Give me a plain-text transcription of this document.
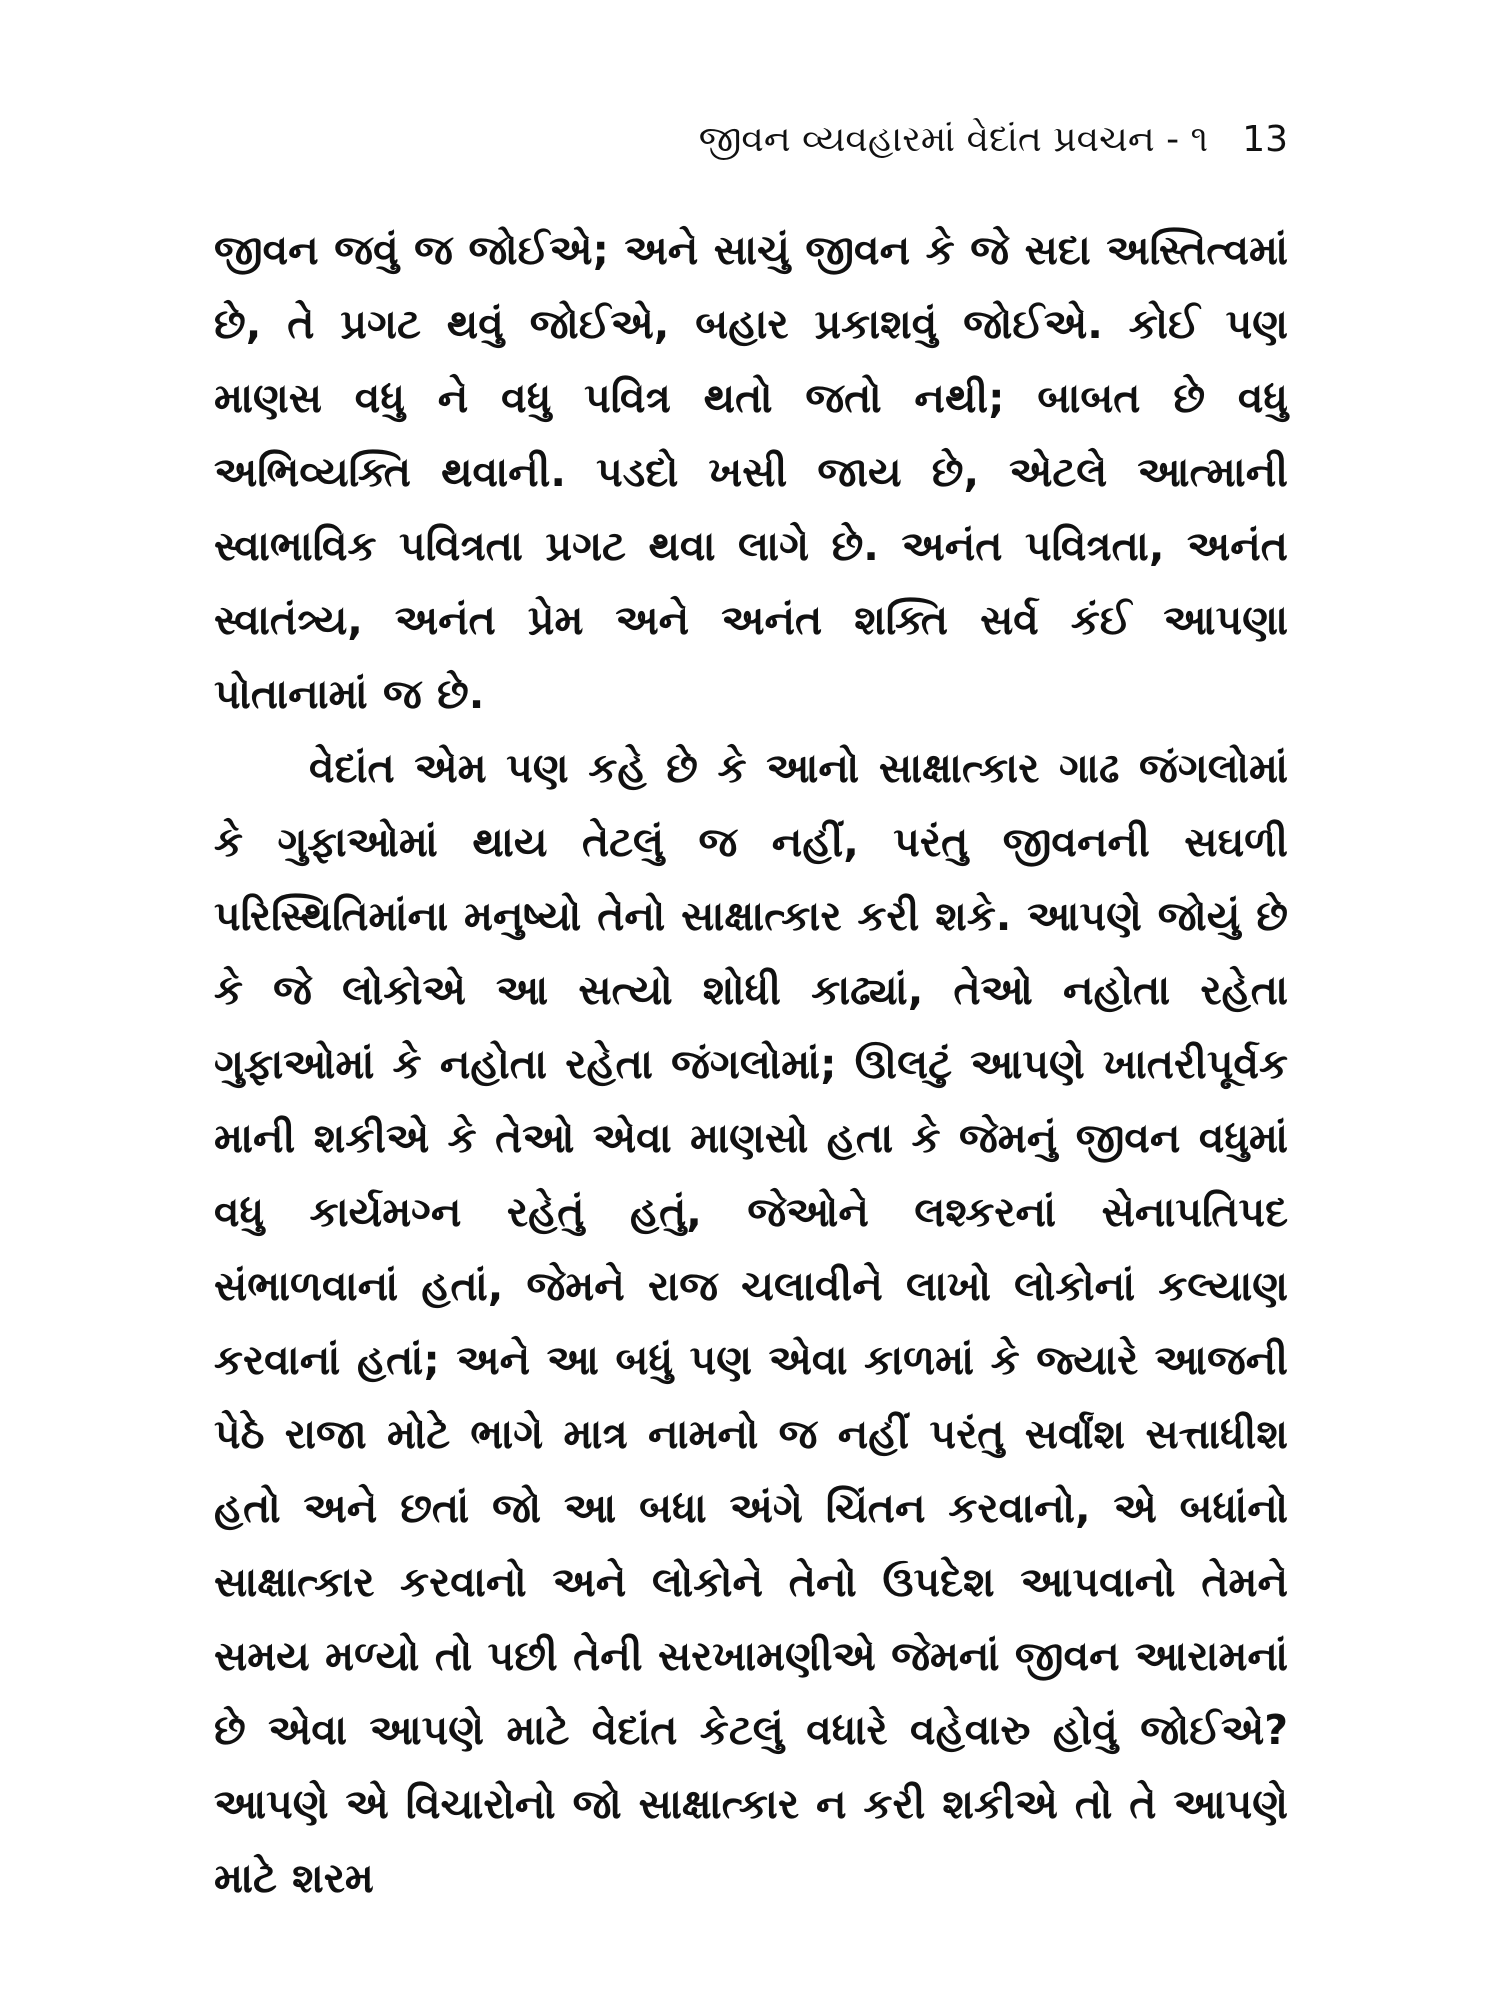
જીવન વ્યવહારમાં વેદાંત પ્રવચન - ૧ 13

જીવન જવું જ જોઈએ; અને સાચું જીવન કે જે સદા અસ્તિત્વમાં છે, તે પ્રગટ થવું જોઈએ, બહાર પ્રકાશવું જોઈએ. કોઈ પણ માણસ વધુ ને વધુ પવિત્ર થતો જતો નથી; બાબત છે વધુ અભિવ્યક્તિ થવાની. પડદો ખસી જાય છે, એટલે આત્માની સ્વાભાવિક પવિત્રતા પ્રગટ થવા લાગે છે. અનંત પવિત્રતા, અનંત સ્વાતંત્ર્ય, અનંત પ્રેમ અને અનંત શક્તિ સર્વ કંઈ આપણા પોતાનામાં જ છે.

વેદાંત એમ પણ કહે છે કે આનો સાક્ષાત્કાર ગાઢ જંગલોમાં કે ગુફાઓમાં થાય તેટલું જ નહીં, પરંતુ જીવનની સઘળી પરિસ્થિતિમાંના મનુષ્યો તેનો સાક્ષાત્કાર કરી શકે. આપણે જોયું છે કે જે લોકોએ આ સત્યો શોધી કાઢ્યાં, તેઓ નહોતા રહેતા ગુફાઓમાં કે નહોતા રહેતા જંગલોમાં; ઊલટું આપણે ખાતરીપૂર્વક માની શકીએ કે તેઓ એવા માણસો હતા કે જેમનું જીવન વધુમાં વધુ કાર્યમગ્ન રહેતું હતું, જેઓને લશ્કરનાં સેનાપતિપદ સંભાળવાનાં હતાં, જેમને રાજ ચલાવીને લાખો લોકોનાં કલ્યાણ કરવાનાં હતાં; અને આ બધું પણ એવા કાળમાં કે જ્યારે આજની પેઠે રાજા મોટે ભાગે માત્ર નામનો જ નહીં પરંતુ સર્વાંશ સત્તાધીશ હતો અને છતાં જો આ બધા અંગે ચિંતન કરવાનો, એ બધાંનો સાક્ષાત્કાર કરવાનો અને લોકોને તેનો ઉપદેશ આપવાનો તેમને સમય મળ્યો તો પછી તેની સરખામણીએ જેમનાં જીવન આરામનાં છે એવા આપણે માટે વેદાંત કેટલું વધારે વહેવારુ હોવું જોઈએ? આપણે એ વિચારોનો જો સાક્ષાત્કાર ન કરી શકીએ તો તે આપણે માટે શરમ
